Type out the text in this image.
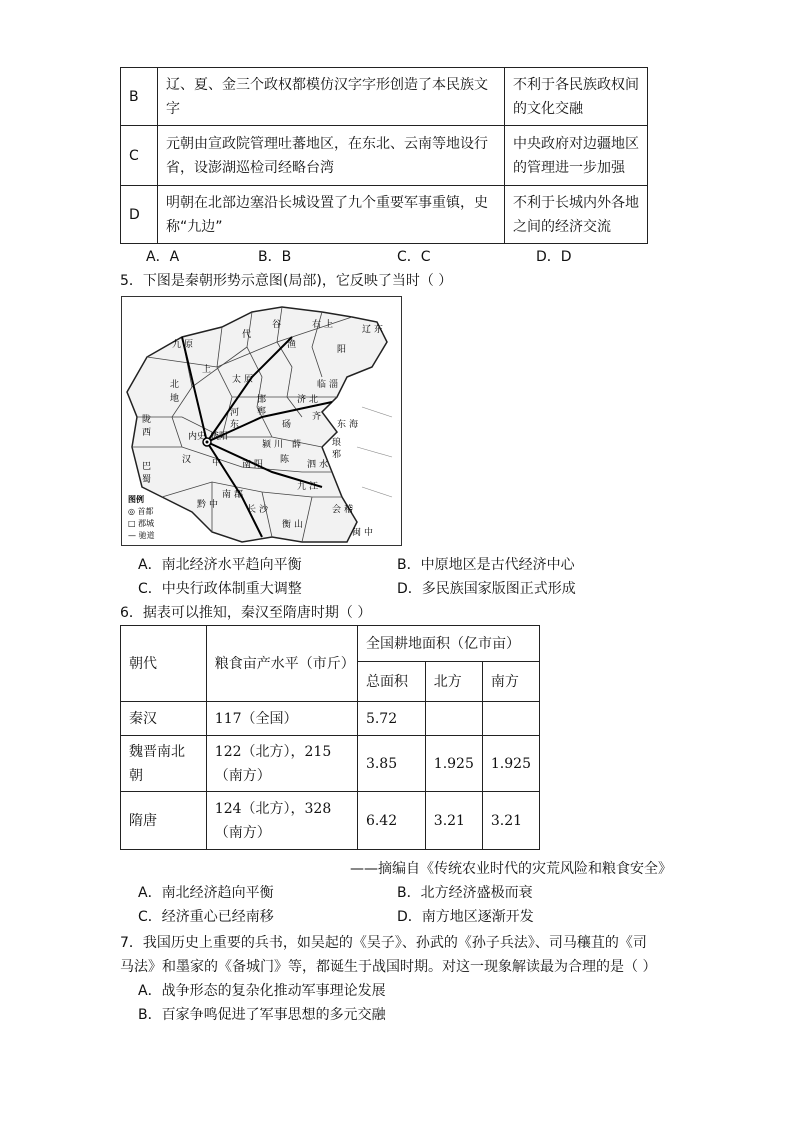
B	辽、夏、金三个政权都模仿汉字字形创造了本民族文字	不利于各民族政权间的文化交融
C	元朝由宣政院管理吐蕃地区，在东北、云南等地设行省，设澎湖巡检司经略台湾	中央政府对边疆地区的管理进一步加强
D	明朝在北部边塞沿长城设置了九个重要军事重镇，史称“九边”	不利于长城内外各地之间的经济交流
A．A	B．B	C．C	D．D
5．下图是秦朝形势示意图(局部)，它反映了当时（ ）
九 原
北
地
上
陇
西	内史 咸阳
汉 中
巴
蜀
南 阳
河
东
邯
郸	齐
琅
邪
薛
泗 水
会 稽
九 江
长 沙
黔 中
辽 东
右 上
谷
渔	阳
代
太 原
济 北
砀
颍 川
陈
衡 山
南 郡
闽 中
东 海
临 淄
图例
◎ 首都
□ 郡城
— 驰道
A．南北经济水平趋向平衡	B．中原地区是古代经济中心
C．中央行政体制重大调整	D．多民族国家版图正式形成
6．据表可以推知，秦汉至隋唐时期（ ）
朝代	粮食亩产水平（市斤）	全国耕地面积（亿市亩）		
		总面积	北方	南方
秦汉	117（全国）	5.72		
魏晋南北朝	122（北方），215（南方）	3.85	1.925	1.925
隋唐	124（北方），328（南方）	6.42	3.21	3.21
——摘编自《传统农业时代的灾荒风险和粮食安全》
A．南北经济趋向平衡	B．北方经济盛极而衰
C．经济重心已经南移	D．南方地区逐渐开发
7．我国历史上重要的兵书，如吴起的《吴子》、孙武的《孙子兵法》、司马穰苴的《司
马法》和墨家的《备城门》等，都诞生于战国时期。对这一现象解读最为合理的是（ ）
A．战争形态的复杂化推动军事理论发展
B．百家争鸣促进了军事思想的多元交融
